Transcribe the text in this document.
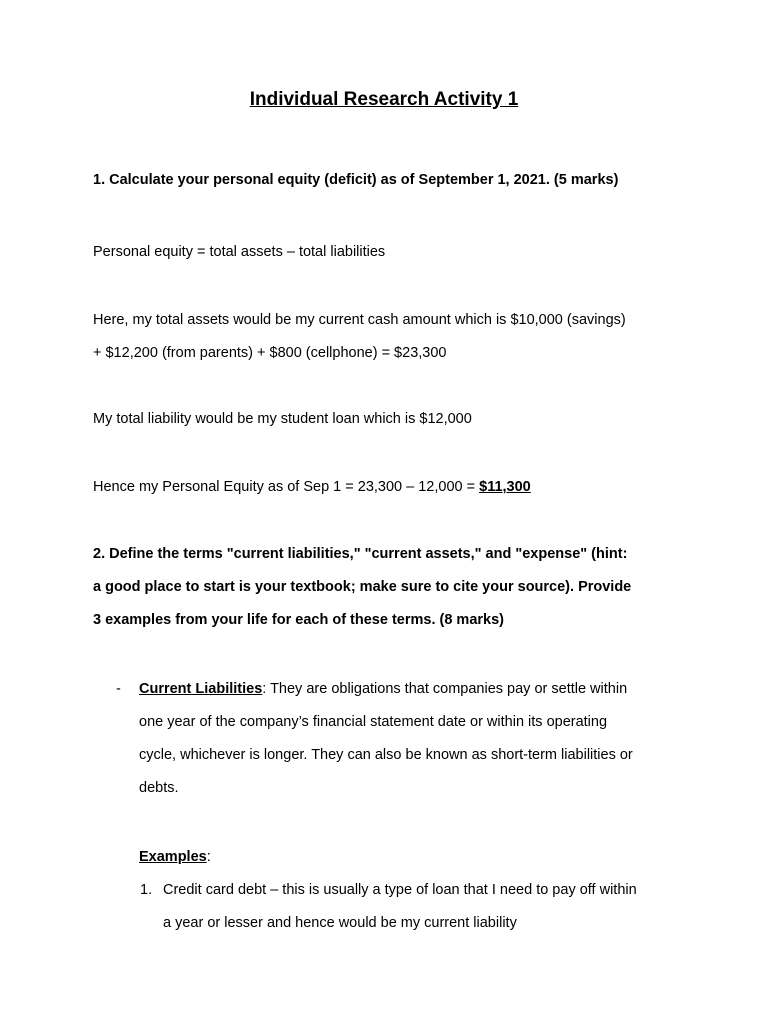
Individual Research Activity 1
1. Calculate your personal equity (deficit) as of September 1, 2021. (5 marks)
Personal equity = total assets – total liabilities
Here, my total assets would be my current cash amount which is $10,000 (savings)
+ $12,200 (from parents) + $800 (cellphone) = $23,300
My total liability would be my student loan which is $12,000
Hence my Personal Equity as of Sep 1 = 23,300 – 12,000 = $11,300
2. Define the terms "current liabilities," "current assets," and "expense" (hint:
a good place to start is your textbook; make sure to cite your source). Provide
3 examples from your life for each of these terms. (8 marks)
- Current Liabilities: They are obligations that companies pay or settle within
one year of the company’s financial statement date or within its operating
cycle, whichever is longer. They can also be known as short-term liabilities or
debts.
Examples:
1. Credit card debt – this is usually a type of loan that I need to pay off within
a year or lesser and hence would be my current liability
